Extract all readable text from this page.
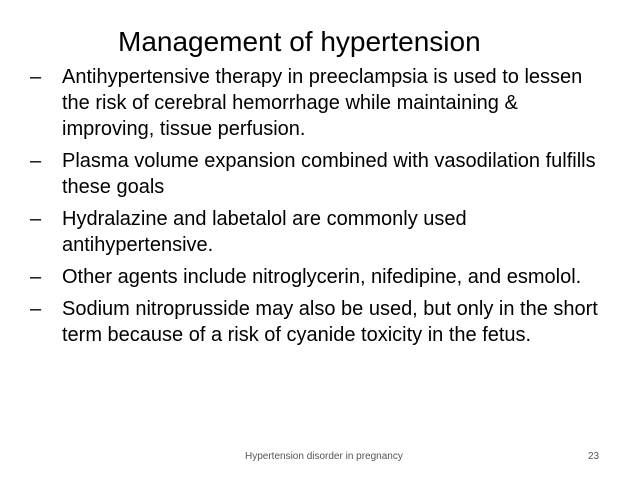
Management of hypertension
–	Antihypertensive therapy in preeclampsia is used to lessen the risk of cerebral hemorrhage while maintaining & improving, tissue perfusion.
–	Plasma volume expansion combined with vasodilation fulfills these goals
–	Hydralazine and labetalol are commonly used antihypertensive.
–	Other agents include nitroglycerin, nifedipine, and esmolol.
–	Sodium nitroprusside may also be used, but only in the short term because of a risk of cyanide toxicity in the fetus.
Hypertension disorder in pregnancy	23
